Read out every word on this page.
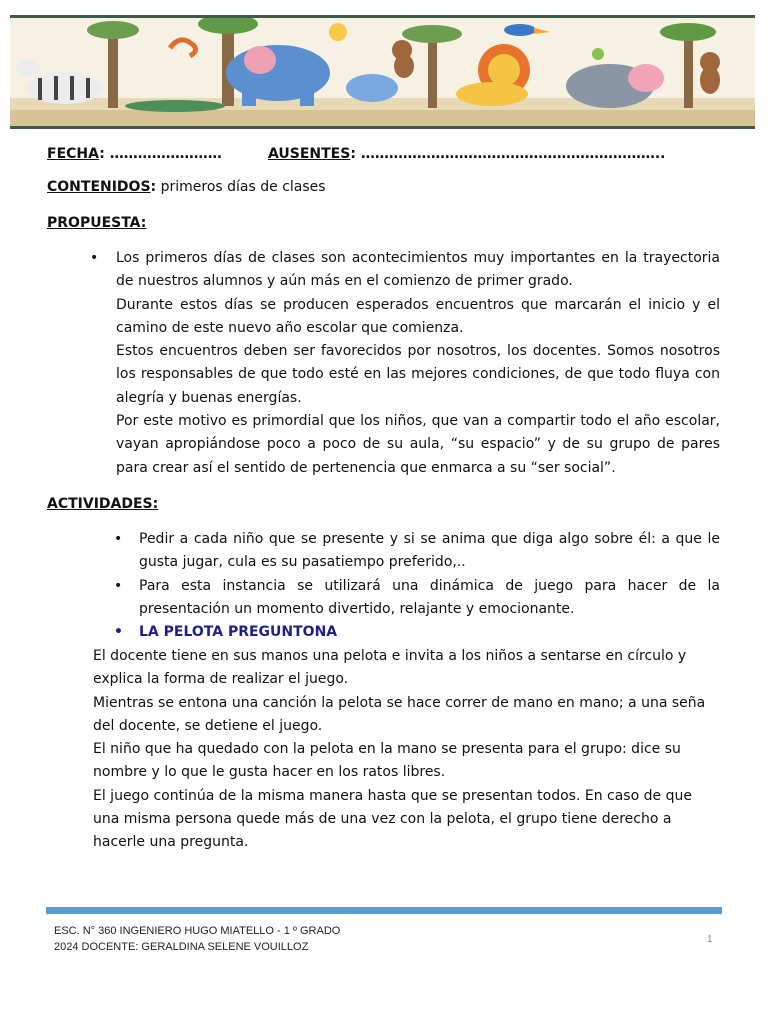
FECHA: ……………………	AUSENTES: ………………………………………………………..
CONTENIDOS: primeros días de clases
PROPUESTA:
• Los primeros días de clases son acontecimientos muy importantes en la trayectoria de nuestros alumnos y aún más en el comienzo de primer grado.

Durante estos días se producen esperados encuentros que marcarán el inicio y el camino de este nuevo año escolar que comienza.

Estos encuentros deben ser favorecidos por nosotros, los docentes. Somos nosotros los responsables de que todo esté en las mejores condiciones, de que todo fluya con alegría y buenas energías.

Por este motivo es primordial que los niños, que van a compartir todo el año escolar, vayan apropiándose poco a poco de su aula, “su espacio” y de su grupo de pares para crear así el sentido de pertenencia que enmarca a su “ser social”.

ACTIVIDADES:
• Pedir a cada niño que se presente y si se anima que diga algo sobre él: a que le gusta jugar, cula es su pasatiempo preferido,..
• Para esta instancia se utilizará una dinámica de juego para hacer de la presentación un momento divertido, relajante y emocionante.
• LA PELOTA PREGUNTONA

El docente tiene en sus manos una pelota e invita a los niños a sentarse en círculo y explica la forma de realizar el juego.

Mientras se entona una canción la pelota se hace correr de mano en mano; a una seña del docente, se detiene el juego.

El niño que ha quedado con la pelota en la mano se presenta para el grupo: dice su nombre y lo que le gusta hacer en los ratos libres.

El juego continúa de la misma manera hasta que se presentan todos. En caso de que una misma persona quede más de una vez con la pelota, el grupo tiene derecho a hacerle una pregunta.

ESC. N° 360 INGENIERO HUGO MIATELLO - 1 º GRADO
2024 DOCENTE: GERALDINA SELENE VOUILLOZ
1
